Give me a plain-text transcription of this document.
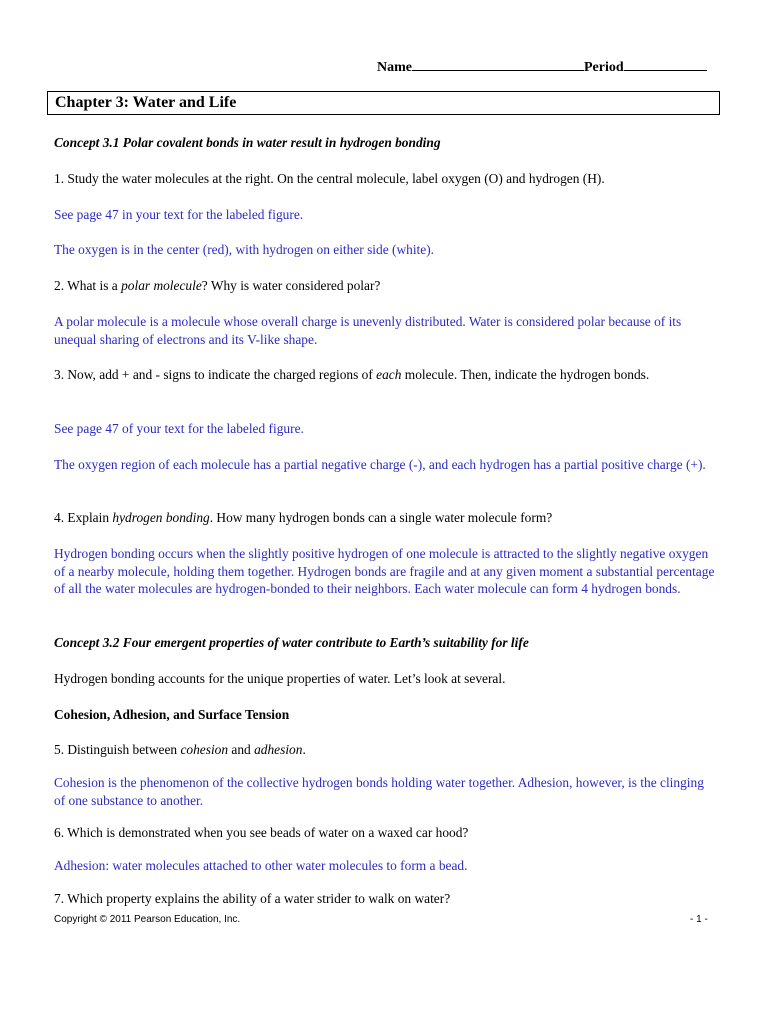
Name	Period
Chapter 3: Water and Life
Concept 3.1 Polar covalent bonds in water result in hydrogen bonding
1. Study the water molecules at the right. On the central molecule, label oxygen (O) and hydrogen (H).
See page 47 in your text for the labeled figure.
The oxygen is in the center (red), with hydrogen on either side (white).
2. What is a polar molecule? Why is water considered polar?
A polar molecule is a molecule whose overall charge is unevenly distributed. Water is considered polar because of its unequal sharing of electrons and its V-like shape.
3. Now, add + and - signs to indicate the charged regions of each molecule. Then, indicate the hydrogen bonds.
See page 47 of your text for the labeled figure.
The oxygen region of each molecule has a partial negative charge (-), and each hydrogen has a partial positive charge (+).
4. Explain hydrogen bonding. How many hydrogen bonds can a single water molecule form?
Hydrogen bonding occurs when the slightly positive hydrogen of one molecule is attracted to the slightly negative oxygen of a nearby molecule, holding them together. Hydrogen bonds are fragile and at any given moment a substantial percentage of all the water molecules are hydrogen-bonded to their neighbors. Each water molecule can form 4 hydrogen bonds.
Concept 3.2 Four emergent properties of water contribute to Earth’s suitability for life
Hydrogen bonding accounts for the unique properties of water. Let’s look at several.
Cohesion, Adhesion, and Surface Tension
5. Distinguish between cohesion and adhesion.
Cohesion is the phenomenon of the collective hydrogen bonds holding water together. Adhesion, however, is the clinging of one substance to another.
6. Which is demonstrated when you see beads of water on a waxed car hood?
Adhesion: water molecules attached to other water molecules to form a bead.
7. Which property explains the ability of a water strider to walk on water?
Copyright © 2011 Pearson Education, Inc.	- 1 -
